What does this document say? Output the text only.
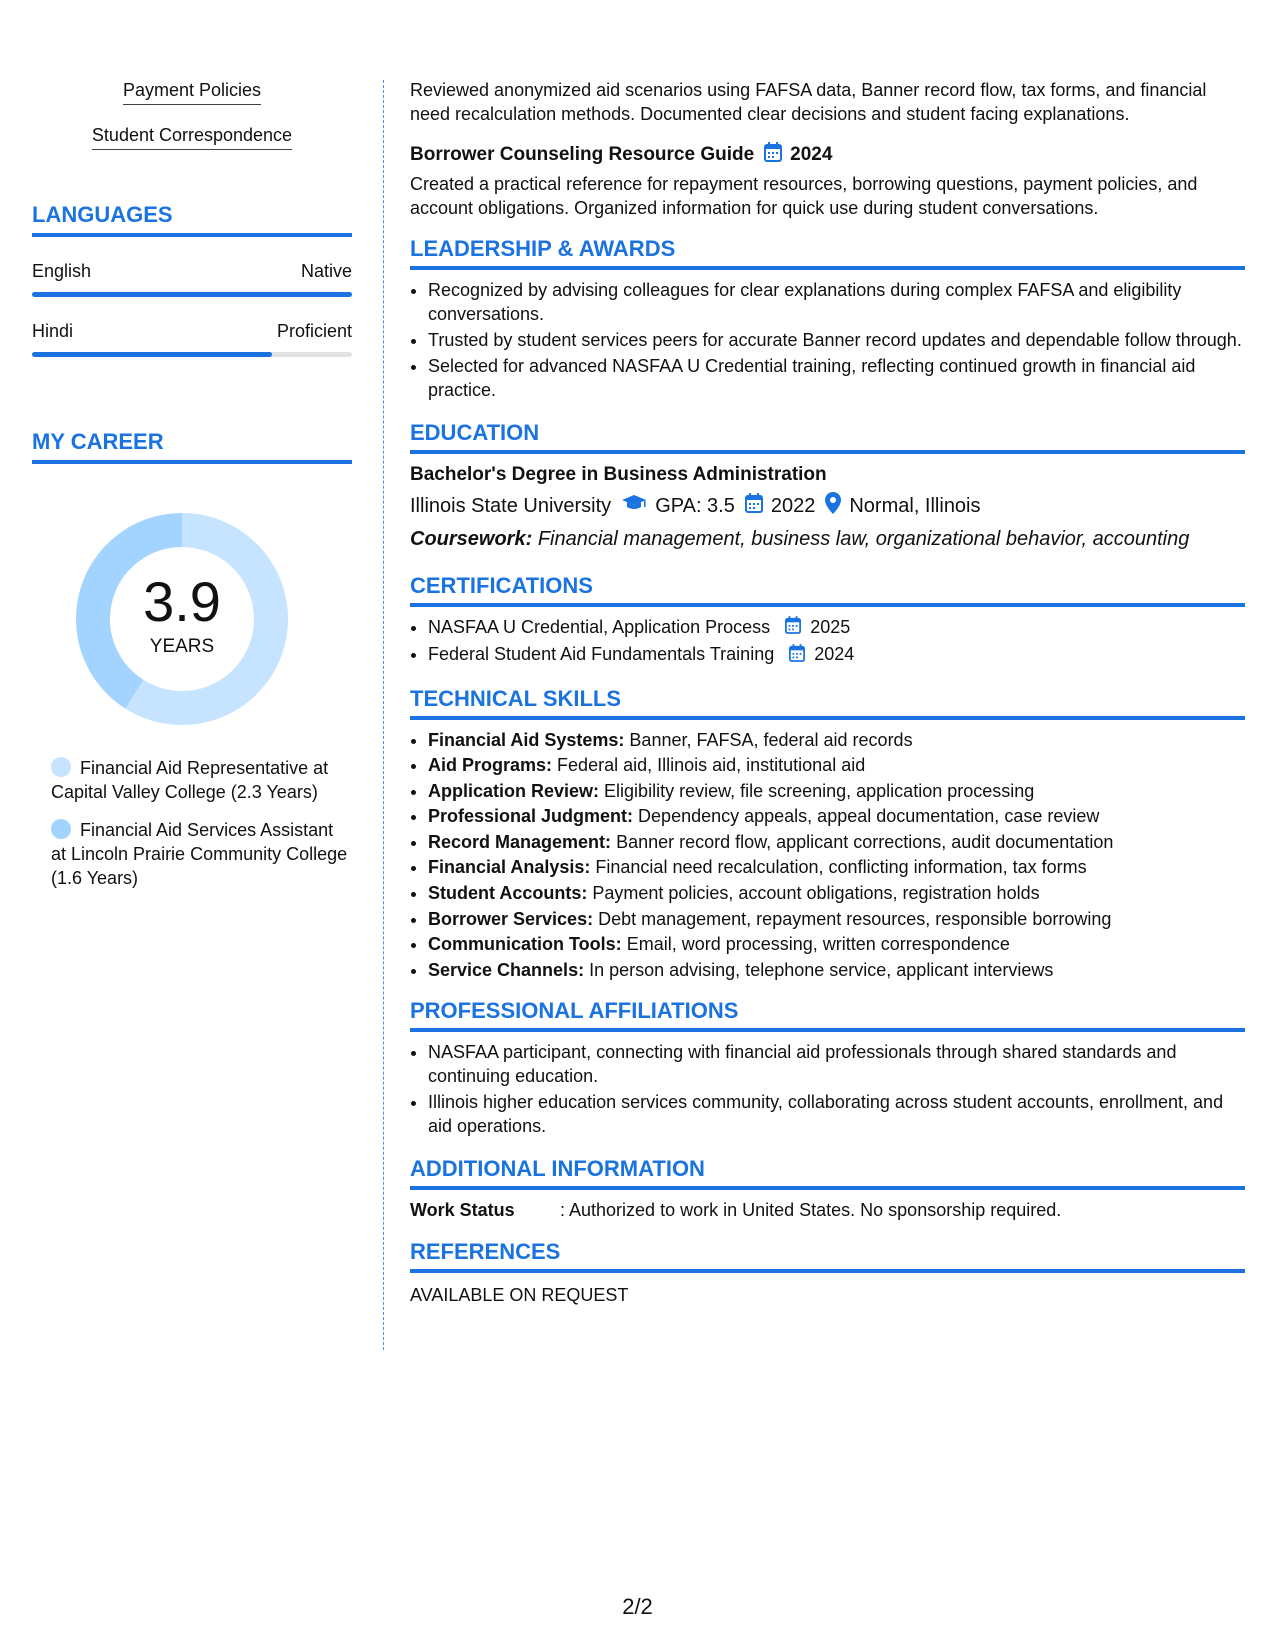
Payment Policies
Student Correspondence
LANGUAGES
English	Native
Hindi	Proficient
MY CAREER
3.9
YEARS
Financial Aid Representative at Capital Valley College (2.3 Years)
Financial Aid Services Assistant at Lincoln Prairie Community College (1.6 Years)

Reviewed anonymized aid scenarios using FAFSA data, Banner record flow, tax forms, and financial need recalculation methods. Documented clear decisions and student facing explanations.

Borrower Counseling Resource Guide 2024

Created a practical reference for repayment resources, borrowing questions, payment policies, and account obligations. Organized information for quick use during student conversations.

LEADERSHIP & AWARDS
• Recognized by advising colleagues for clear explanations during complex FAFSA and eligibility conversations.
• Trusted by student services peers for accurate Banner record updates and dependable follow through.
• Selected for advanced NASFAA U Credential training, reflecting continued growth in financial aid practice.
EDUCATION
Bachelor's Degree in Business Administration
Illinois State University GPA: 3.5 2022 Normal, Illinois
Coursework: Financial management, business law, organizational behavior, accounting
CERTIFICATIONS
• NASFAA U Credential, Application Process 2025
• Federal Student Aid Fundamentals Training 2024
TECHNICAL SKILLS
• Financial Aid Systems: Banner, FAFSA, federal aid records
• Aid Programs: Federal aid, Illinois aid, institutional aid
• Application Review: Eligibility review, file screening, application processing
• Professional Judgment: Dependency appeals, appeal documentation, case review
• Record Management: Banner record flow, applicant corrections, audit documentation
• Financial Analysis: Financial need recalculation, conflicting information, tax forms
• Student Accounts: Payment policies, account obligations, registration holds
• Borrower Services: Debt management, repayment resources, responsible borrowing
• Communication Tools: Email, word processing, written correspondence
• Service Channels: In person advising, telephone service, applicant interviews
PROFESSIONAL AFFILIATIONS
• NASFAA participant, connecting with financial aid professionals through shared standards and continuing education.
• Illinois higher education services community, collaborating across student accounts, enrollment, and aid operations.
ADDITIONAL INFORMATION
Work Status	: Authorized to work in United States. No sponsorship required.
REFERENCES

AVAILABLE ON REQUEST

2/2
